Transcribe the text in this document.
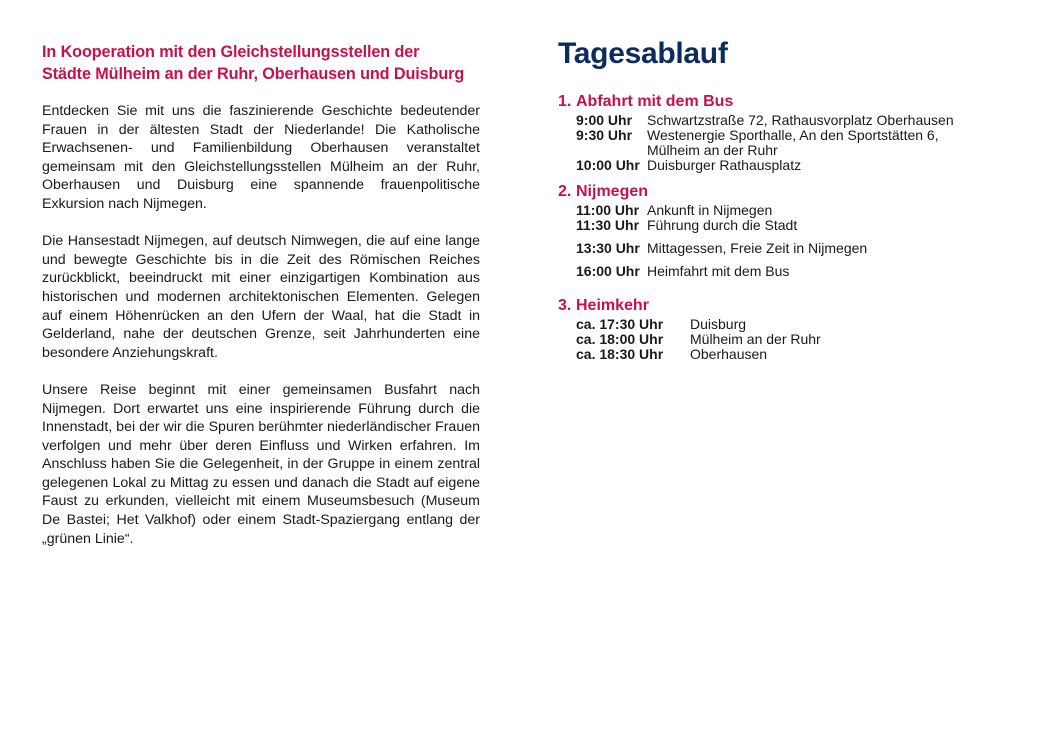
In Kooperation mit den Gleichstellungsstellen der
Städte Mülheim an der Ruhr, Oberhausen und Duisburg

Entdecken Sie mit uns die faszinierende Geschichte bedeutender Frauen in der ältesten Stadt der Niederlande! Die Katholische Erwachsenen- und Familienbildung Oberhausen veranstaltet gemeinsam mit den Gleichstellungsstellen Mülheim an der Ruhr, Oberhausen und Duisburg eine spannende frauenpolitische Exkursion nach Nijmegen.

Die Hansestadt Nijmegen, auf deutsch Nimwegen, die auf eine lange und bewegte Geschichte bis in die Zeit des Römischen Reiches zurückblickt, beeindruckt mit einer einzigartigen Kombination aus historischen und modernen architektonischen Elementen. Gelegen auf einem Höhenrücken an den Ufern der Waal, hat die Stadt in Gelderland, nahe der deutschen Grenze, seit Jahrhunderten eine besondere Anziehungskraft.

Unsere Reise beginnt mit einer gemeinsamen Busfahrt nach Nijmegen. Dort erwartet uns eine inspirierende Führung durch die Innenstadt, bei der wir die Spuren berühmter niederländischer Frauen verfolgen und mehr über deren Einfluss und Wirken erfahren. Im Anschluss haben Sie die Gelegenheit, in der Gruppe in einem zentral gelegenen Lokal zu Mittag zu essen und danach die Stadt auf eigene Faust zu erkunden, vielleicht mit einem Museumsbesuch (Museum De Bastei; Het Valkhof) oder einem Stadt-Spaziergang entlang der „grünen Linie“.

Tagesablauf
1. Abfahrt mit dem Bus
9:00 Uhr	Schwartzstraße 72, Rathausvorplatz Oberhausen
9:30 Uhr	Westenergie Sporthalle, An den Sportstätten 6,
Mülheim an der Ruhr
10:00 Uhr Duisburger Rathausplatz
2. Nijmegen
11:00 Uhr Ankunft in Nijmegen
11:30 Uhr Führung durch die Stadt
13:30 Uhr Mittagessen, Freie Zeit in Nijmegen
16:00 Uhr Heimfahrt mit dem Bus
3. Heimkehr
ca. 17:30 Uhr	Duisburg
ca. 18:00 Uhr	Mülheim an der Ruhr
ca. 18:30 Uhr	Oberhausen
